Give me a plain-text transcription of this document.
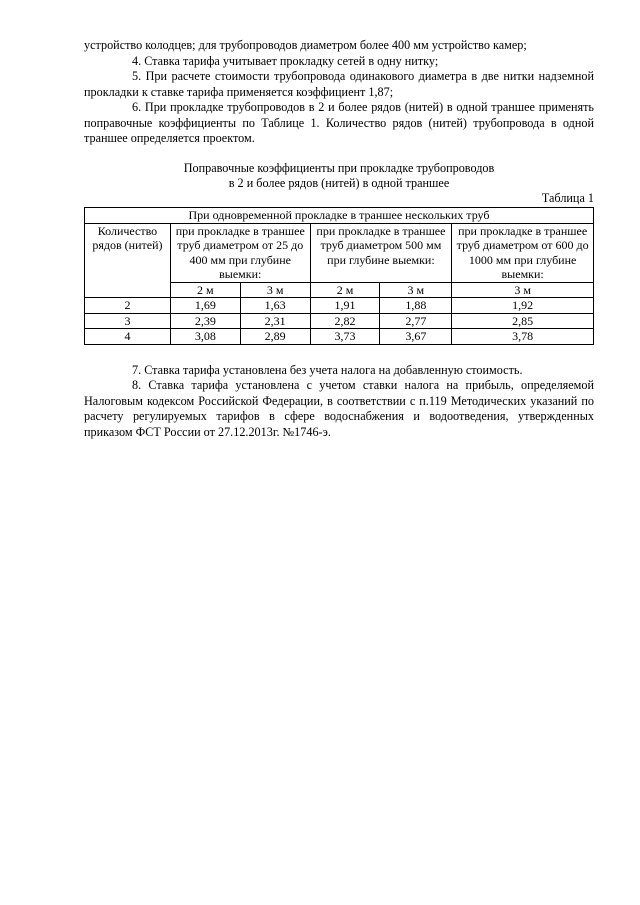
устройство колодцев; для трубопроводов диаметром более 400 мм устройство камер;

4. Ставка тарифа учитывает прокладку сетей в одну нитку;

5. При расчете стоимости трубопровода одинакового диаметра в две нитки надземной прокладки к ставке тарифа применяется коэффициент 1,87;

6. При прокладке трубопроводов в 2 и более рядов (нитей) в одной траншее применять поправочные коэффициенты по Таблице 1. Количество рядов (нитей) трубопровода в одной траншее определяется проектом.

Поправочные коэффициенты при прокладке трубопроводов
в 2 и более рядов (нитей) в одной траншее
Таблица 1
При одновременной прокладке в траншее нескольких труб					
Количество рядов (нитей)	при прокладке в траншее труб диаметром от 25 до 400 мм при глубине выемки:		при прокладке в траншее труб диаметром 500 мм при глубине выемки:		при прокладке в траншее труб диаметром от 600 до 1000 мм при глубине выемки:
	2 м	3 м	2 м	3 м	3 м
2	1,69	1,63	1,91	1,88	1,92
3	2,39	2,31	2,82	2,77	2,85
4	3,08	2,89	3,73	3,67	3,78

7. Ставка тарифа установлена без учета налога на добавленную стоимость.

8. Ставка тарифа установлена с учетом ставки налога на прибыль, определяемой Налоговым кодексом Российской Федерации, в соответствии с п.119 Методических указаний по расчету регулируемых тарифов в сфере водоснабжения и водоотведения, утвержденных приказом ФСТ России от 27.12.2013г. №1746-э.
